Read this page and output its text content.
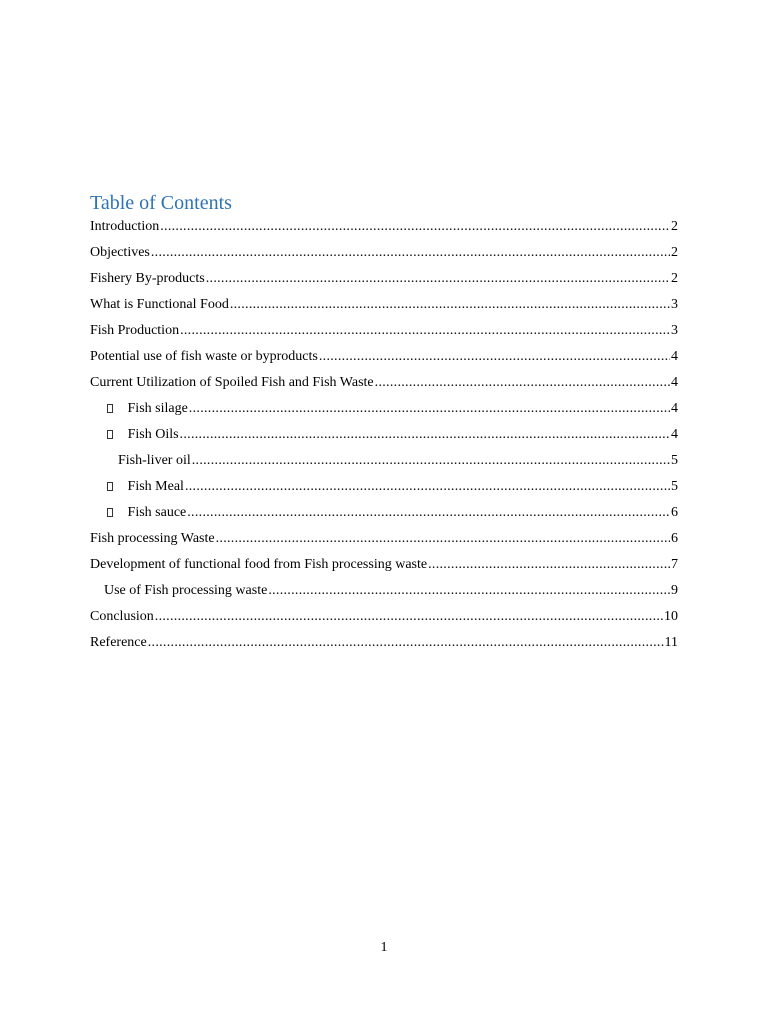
Table of Contents
Introduction .....	2
Objectives .....	2
Fishery By-products .....	2
What is Functional Food .....	3
Fish Production .....	3
Potential use of fish waste or byproducts .....	4
Current Utilization of Spoiled Fish and Fish Waste .....	4
Fish silage .....	4
Fish Oils .....	4
Fish-liver oil .....	5
Fish Meal .....	5
Fish sauce .....	6
Fish processing Waste .....	6
Development of functional food from Fish processing waste .....	7
Use of Fish processing waste .....	9
Conclusion .....	10
Reference .....	11
1
